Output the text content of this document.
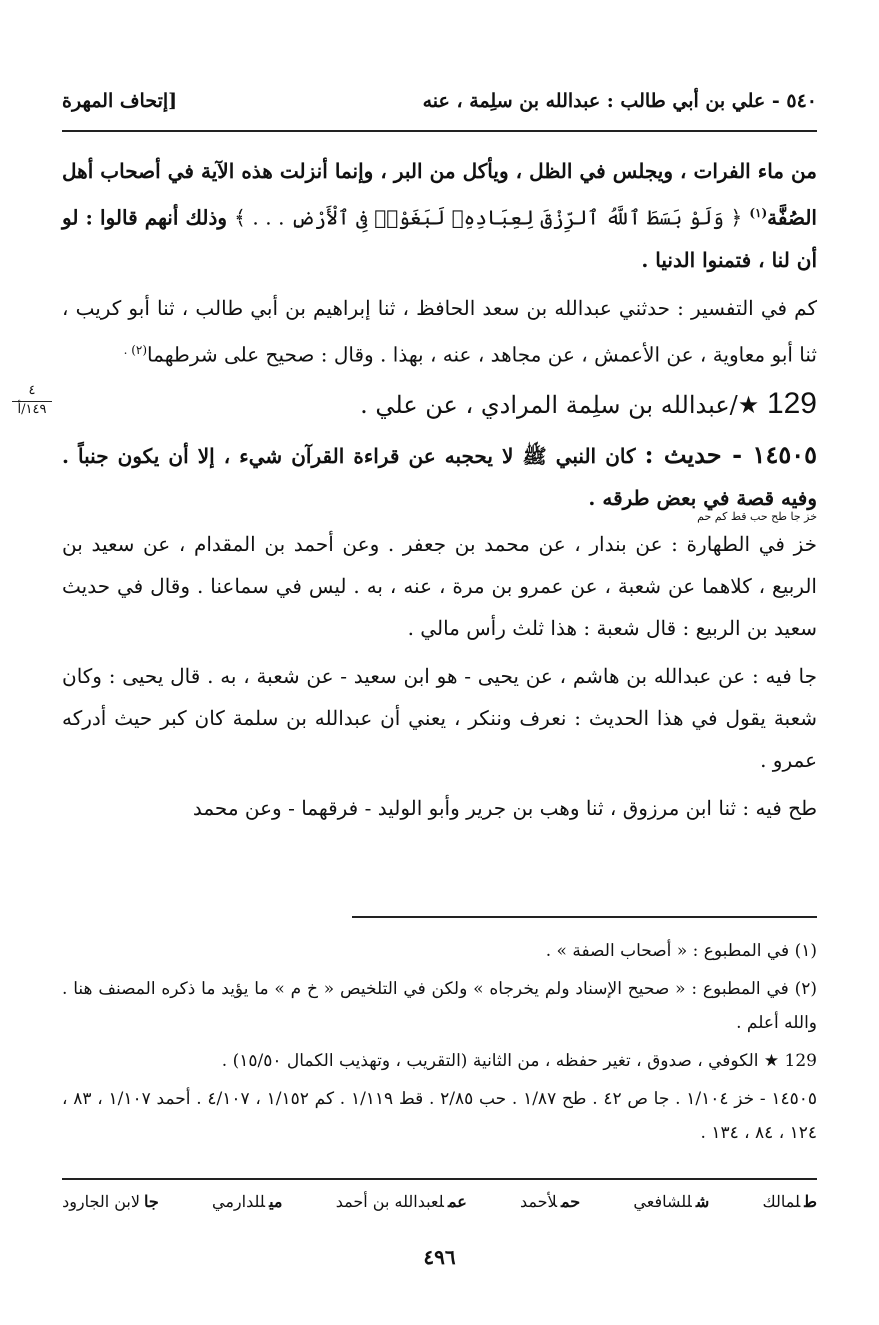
٥٤٠ - علي بن أبي طالب : عبدالله بن سلِمة ، عنه
[إتحاف المهرة

من ماء الفرات ، ويجلس في الظل ، ويأكل من البر ، وإنما أنزلت هذه الآية في أصحاب أهل الصُفَّة$^{(١)}$ ﴿ وَلَوْ بَسَطَ ٱللَّهُ ٱلرِّزْقَ لِعِبَادِهِۦ لَبَغَوْا۟ فِى ٱلْأَرْضِ . . . ﴾ وذلك أنهم قالوا : لو أن لنا ، فتمنوا الدنيا .

كم في التفسير : حدثني عبدالله بن سعد الحافظ ، ثنا إبراهيم بن أبي طالب ، ثنا أبو كريب ، ثنا أبو معاوية ، عن الأعمش ، عن مجاهد ، عنه ، بهذا . وقال : صحيح على شرطهما$^{(٢) .}$

129 ★/عبدالله بن سلِمة المرادي ، عن علي .
٤
١٤٩/أ

١٤٥٠٥ - حديث : كان النبي ﷺ لا يحجبه عن قراءة القرآن شيء ، إلا أن يكون جنباً . وفيه قصة في بعض طرقه .

خز جا طح حب قط كم حم

خز في الطهارة : عن بندار ، عن محمد بن جعفر . وعن أحمد بن المقدام ، عن سعيد بن الربيع ، كلاهما عن شعبة ، عن عمرو بن مرة ، عنه ، به . ليس في سماعنا . وقال في حديث سعيد بن الربيع : قال شعبة : هذا ثلث رأس مالي .

جا فيه : عن عبدالله بن هاشم ، عن يحيى - هو ابن سعيد - عن شعبة ، به . قال يحيى : وكان شعبة يقول في هذا الحديث : نعرف وننكر ، يعني أن عبدالله بن سلمة كان كبر حيث أدركه عمرو .

طح فيه : ثنا ابن مرزوق ، ثنا وهب بن جرير وأبو الوليد - فرقهما - وعن محمد

(١) في المطبوع : « أصحاب الصفة » .

(٢) في المطبوع : « صحيح الإسناد ولم يخرجاه » ولكن في التلخيص « خ م » ما يؤيد ما ذكره المصنف هنا . والله أعلم .

129 ★ الكوفي ، صدوق ، تغير حفظه ، من الثانية (التقريب ، وتهذيب الكمال ١٥/٥٠) .

١٤٥٠٥ - خز ١/١٠٤ . جا ص ٤٢ . طح ١/٨٧ . حب ٢/٨٥ . قط ١/١١٩ . كم ١/١٥٢ ، ٤/١٠٧ . أحمد ١/١٠٧ ، ٨٣ ، ١٢٤ ، ٨٤ ، ١٣٤ .

طلمالك
شللشافعي
حملأحمد
عملعبدالله بن أحمد
ميللدارمي
جالابن الجارود
٤٩٦
